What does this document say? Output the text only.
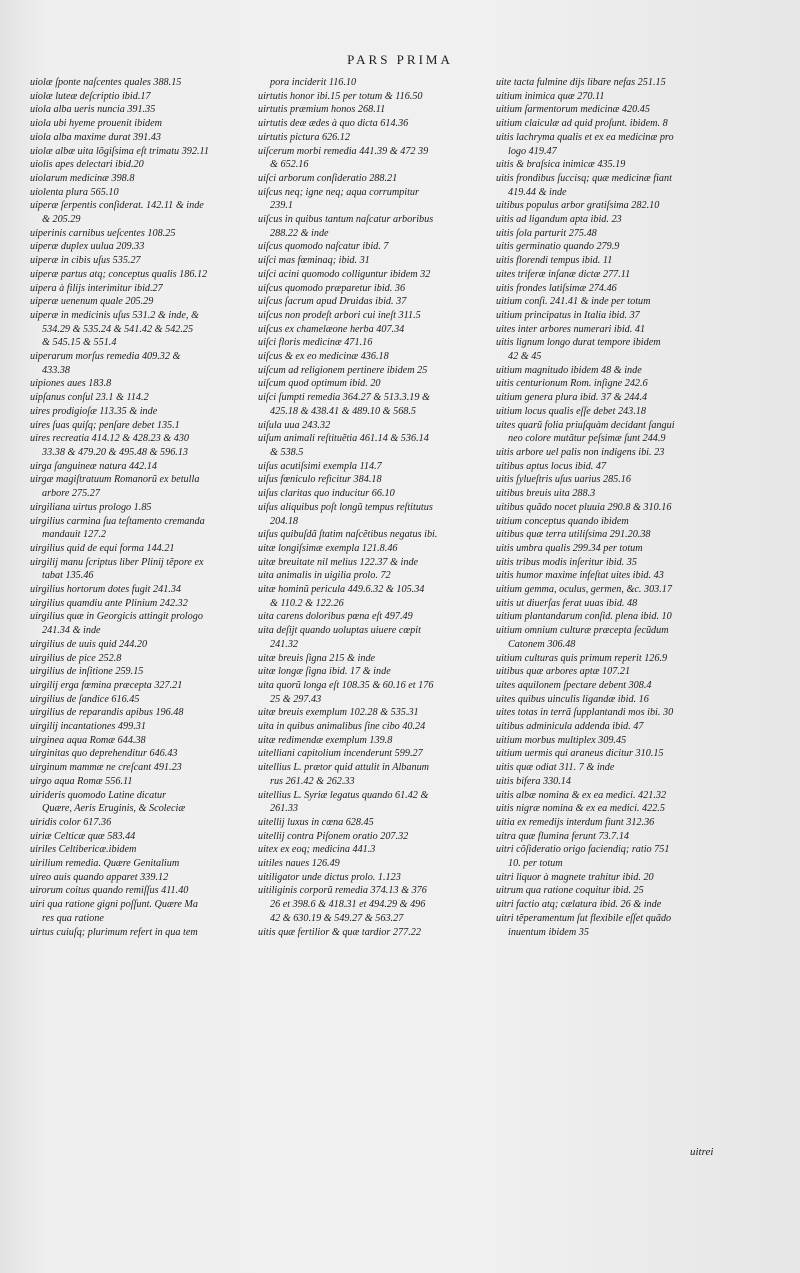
PARS PRIMA
uiolæ ſponte naſcentes quales 388.15
uiolæ luteæ deſcriptio ibid.17
uiola alba ueris nuncia 391.35
uiola ubi hyeme prouenit ibidem
uiola alba maxime durat 391.43
uiolæ albæ uita lõgiſsima eſt trimatu 392.11
uiolis apes delectari ibid.20
uiolarum medicinæ 398.8
uiolenta plura 565.10
uiperæ ſerpentis conſiderat. 142.11 & inde
& 205.29
uiperinis carnibus ueſcentes 108.25
uiperæ duplex uulua 209.33
uiperæ in cibis uſus 535.27
uiperæ partus atq; conceptus qualis 186.12
uipera à filijs interimitur ibid.27
uiperæ uenenum quale 205.29
uiperæ in medicinis uſus 531.2 & inde, &
534.29 & 535.24 & 541.42 & 542.25
& 545.15 & 551.4
uiperarum morſus remedia 409.32 &
433.38
uipiones aues 183.8
uipſanus conſul 23.1 & 114.2
uires prodigioſæ 113.35 & inde
uires ſuas quiſq; penſare debet 135.1
uires recreatia 414.12 & 428.23 & 430
33.38 & 479.20 & 495.48 & 596.13
uirga ſanguineæ natura 442.14
uirgæ magiſtratuum Romanorũ ex betulla
arbore 275.27
uirgiliana uirtus prologo 1.85
uirgilius carmina ſua teſtamento cremanda
mandauit 127.2
uirgilius quid de equi forma 144.21
uirgilij manu ſcriptus liber Plinij tẽpore ex
tabat 135.46
uirgilius hortorum dotes fugit 241.34
uirgilius quamdiu ante Plinium 242.32
uirgilius quæ in Georgicis attingit prologo
241.34 & inde
uirgilius de uuis quid 244.20
uirgilius de pice 252.8
uirgilius de inſitione 259.15
uirgilij erga fœmina præcepta 327.21
uirgilius de ſandice 616.45
uirgilius de reparandis apibus 196.48
uirgilij incantationes 499.31
uirginea aqua Romæ 644.38
uirginitas quo deprehenditur 646.43
uirginum mammæ ne creſcant 491.23
uirgo aqua Romæ 556.11
uirideris quomodo Latine dicatur
Quære, Aeris Eruginis, & Scoleciæ
uiridis color 617.36
uiriæ Celticæ quæ 583.44
uiriles Celtibericæ.ibidem
uirilium remedia. Quære Genitalium
uireo auis quando apparet 339.12
uirorum coitus quando remiſſus 411.40
uiri qua ratione gigni poſſunt. Quære Ma
res qua ratione
uirtus cuiuſq; plurimum refert in qua tem
pora inciderit 116.10
uirtutis honor ibi.15 per totum & 116.50
uirtutis præmium honos 268.11
uirtutis deæ ædes à quo dicta 614.36
uirtutis pictura 626.12
uiſcerum morbi remedia 441.39 & 472 39
& 652.16
uiſci arborum conſideratio 288.21
uiſcus neq; igne neq; aqua corrumpitur
239.1
uiſcus in quibus tantum naſcatur arboribus
288.22 & inde
uiſcus quomodo naſcatur ibid. 7
uiſci mas fœminaq; ibid. 31
uiſci acini quomodo colliguntur ibidem 32
uiſcus quomodo præparetur ibid. 36
uiſcus ſacrum apud Druidas ibid. 37
uiſcus non prodeſt arbori cui ineſt 311.5
uiſcus ex chamelæone herba 407.34
uiſci floris medicinæ 471.16
uiſcus & ex eo medicinæ 436.18
uiſcum ad religionem pertinere ibidem 25
uiſcum quod optimum ibid. 20
uiſci ſumpti remedia 364.27 & 513.3.19 &
425.18 & 438.41 & 489.10 & 568.5
uiſula uua 243.32
uiſum animali reſtituẽtia 461.14 & 536.14
& 538.5
uiſus acutiſsimi exempla 114.7
uiſus fœniculo reficitur 384.18
uiſus claritas quo inducitur 66.10
uiſus aliquibus poſt longũ tempus reſtitutus
204.18
uiſus quibuſdã ſtatim naſcẽtibus negatus ibi.
uitæ longiſsimæ exempla 121.8.46
uitæ breuitate nil melius 122.37 & inde
uita animalis in uigilia prolo. 72
uitæ hominũ pericula 449.6.32 & 105.34
& 110.2 & 122.26
uita carens doloribus pœna eſt 497.49
uita deſijt quando uoluptas uiuere cœpit
241.32
uitæ breuis ſigna 215 & inde
uitæ longæ ſigna ibid. 17 & inde
uita quorũ longa eſt 108.35 & 60.16 et 176
25 & 297.43
uitæ breuis exemplum 102.28 & 535.31
uita in quibus animalibus ſine cibo 40.24
uitæ redimendæ exemplum 139.8
uitelliani capitolium incenderunt 599.27
uitellius L. prætor quid attulit in Albanum
rus 261.42 & 262.33
uitellius L. Syriæ legatus quando 61.42 &
261.33
uitellij luxus in cœna 628.45
uitellij contra Piſonem oratio 207.32
uitex ex eoq; medicina 441.3
uitiles naues 126.49
uitiligator unde dictus prolo. 1.123
uitiliginis corporũ remedia 374.13 & 376
26 et 398.6 & 418.31 et 494.29 & 496
42 & 630.19 & 549.27 & 563.27
uitis quæ fertilior & quæ tardior 277.22
uite tacta fulmine dijs libare nefas 251.15
uitium inimica quæ 270.11
uitium ſarmentorum medicinæ 420.45
uitium claiculæ ad quid proſunt. ibidem. 8
uitis lachryma qualis et ex ea medicinæ pro
logo 419.47
uitis & braſsica inimicæ 435.19
uitis frondibus ſuccisq; quæ medicinæ fiant
419.44 & inde
uitibus populus arbor gratiſsima 282.10
uitis ad ligandum apta ibid. 23
uitis ſola parturit 275.48
uitis germinatio quando 279.9
uitis florendi tempus ibid. 11
uites triferæ inſanæ dictæ 277.11
uitis frondes latiſsimæ 274.46
uitium conſi. 241.41 & inde per totum
uitium principatus in Italia ibid. 37
uites inter arbores numerari ibid. 41
uitis lignum longo durat tempore ibidem
42 & 45
uitium magnitudo ibidem 48 & inde
uitis centurionum Rom. inſigne 242.6
uitium genera plura ibid. 37 & 244.4
uitium locus qualis eſſe debet 243.18
uites quarũ folia priuſquàm decidant ſangui
neo colore mutãtur peſsimæ ſunt 244.9
uitis arbore uel palis non indigens ibi. 23
uitibus aptus locus ibid. 47
uitis ſylueſtris uſus uarius 285.16
uitibus breuis uita 288.3
uitibus quãdo nocet pluuia 290.8 & 310.16
uitium conceptus quando ibidem
uitibus quæ terra utiliſsima 291.20.38
uitis umbra qualis 299.34 per totum
uitis tribus modis inſeritur ibid. 35
uitis humor maxime infeſtat uites ibid. 43
uitium gemma, oculus, germen, &c. 303.17
uitis ut diuerſas ferat uuas ibid. 48
uitium plantandarum conſid. plena ibid. 10
uitium omnium culturæ præcepta ſecũdum
Catonem 306.48
uitium culturas quis primum reperit 126.9
uitibus quæ arbores aptæ 107.21
uites aquilonem ſpectare debent 308.4
uites quibus uinculis ligandæ ibid. 16
uites totas in terrã ſupplantandi mos ibi. 30
uitibus adminicula addenda ibid. 47
uitium morbus multiplex 309.45
uitium uermis qui araneus dicitur 310.15
uitis quæ odiat 311. 7 & inde
uitis bifera 330.14
uitis albæ nomina & ex ea medici. 421.32
uitis nigræ nomina & ex ea medici. 422.5
uitia ex remedijs interdum fiunt 312.36
uitra quæ flumina ferunt 73.7.14
uitri cõſideratio origo faciendiq; ratio 751
10. per totum
uitri liquor à magnete trahitur ibid. 20
uitrum qua ratione coquitur ibid. 25
uitri factio atq; cælatura ibid. 26 & inde
uitri tẽperamentum ſut flexibile eſſet quãdo
inuentum ibidem 35
uitrei
